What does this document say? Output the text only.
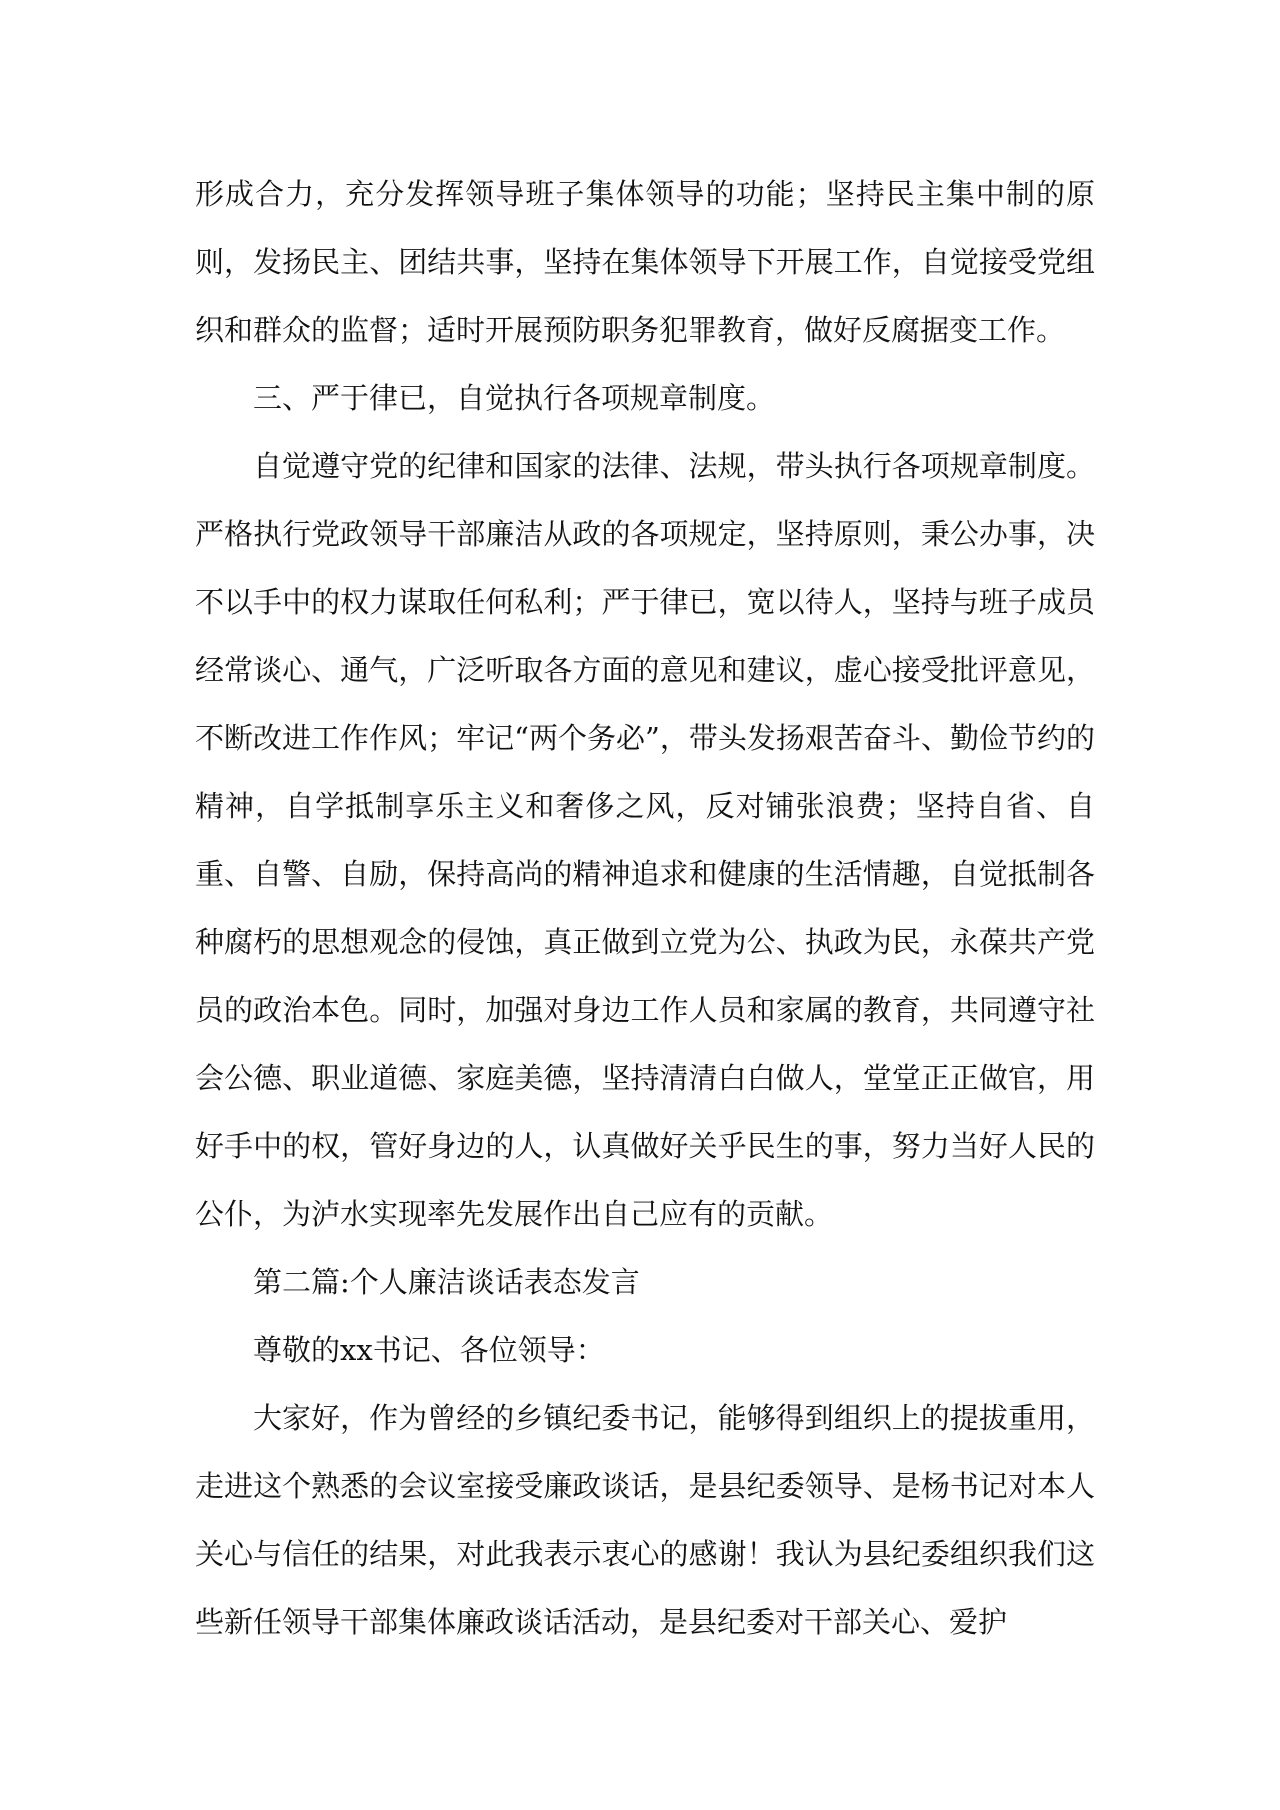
形成合力，充分发挥领导班子集体领导的功能；坚持民主集中制的原则，发扬民主、团结共事，坚持在集体领导下开展工作，自觉接受党组织和群众的监督；适时开展预防职务犯罪教育，做好反腐据变工作。

三、严于律已，自觉执行各项规章制度。

自觉遵守党的纪律和国家的法律、法规，带头执行各项规章制度。严格执行党政领导干部廉洁从政的各项规定，坚持原则，秉公办事，决不以手中的权力谋取任何私利；严于律已，宽以待人，坚持与班子成员经常谈心、通气，广泛听取各方面的意见和建议，虚心接受批评意见，不断改进工作作风；牢记“两个务必”，带头发扬艰苦奋斗、勤俭节约的精神，自学抵制享乐主义和奢侈之风，反对铺张浪费；坚持自省、自重、自警、自励，保持高尚的精神追求和健康的生活情趣，自觉抵制各种腐朽的思想观念的侵蚀，真正做到立党为公、执政为民，永葆共产党员的政治本色。同时，加强对身边工作人员和家属的教育，共同遵守社会公德、职业道德、家庭美德，坚持清清白白做人，堂堂正正做官，用好手中的权，管好身边的人，认真做好关乎民生的事，努力当好人民的公仆，为泸水实现率先发展作出自己应有的贡献。

第二篇:个人廉洁谈话表态发言

尊敬的xx书记、各位领导：

大家好，作为曾经的乡镇纪委书记，能够得到组织上的提拔重用，走进这个熟悉的会议室接受廉政谈话，是县纪委领导、是杨书记对本人关心与信任的结果，对此我表示衷心的感谢！我认为县纪委组织我们这些新任领导干部集体廉政谈话活动，是县纪委对干部关心、爱护
